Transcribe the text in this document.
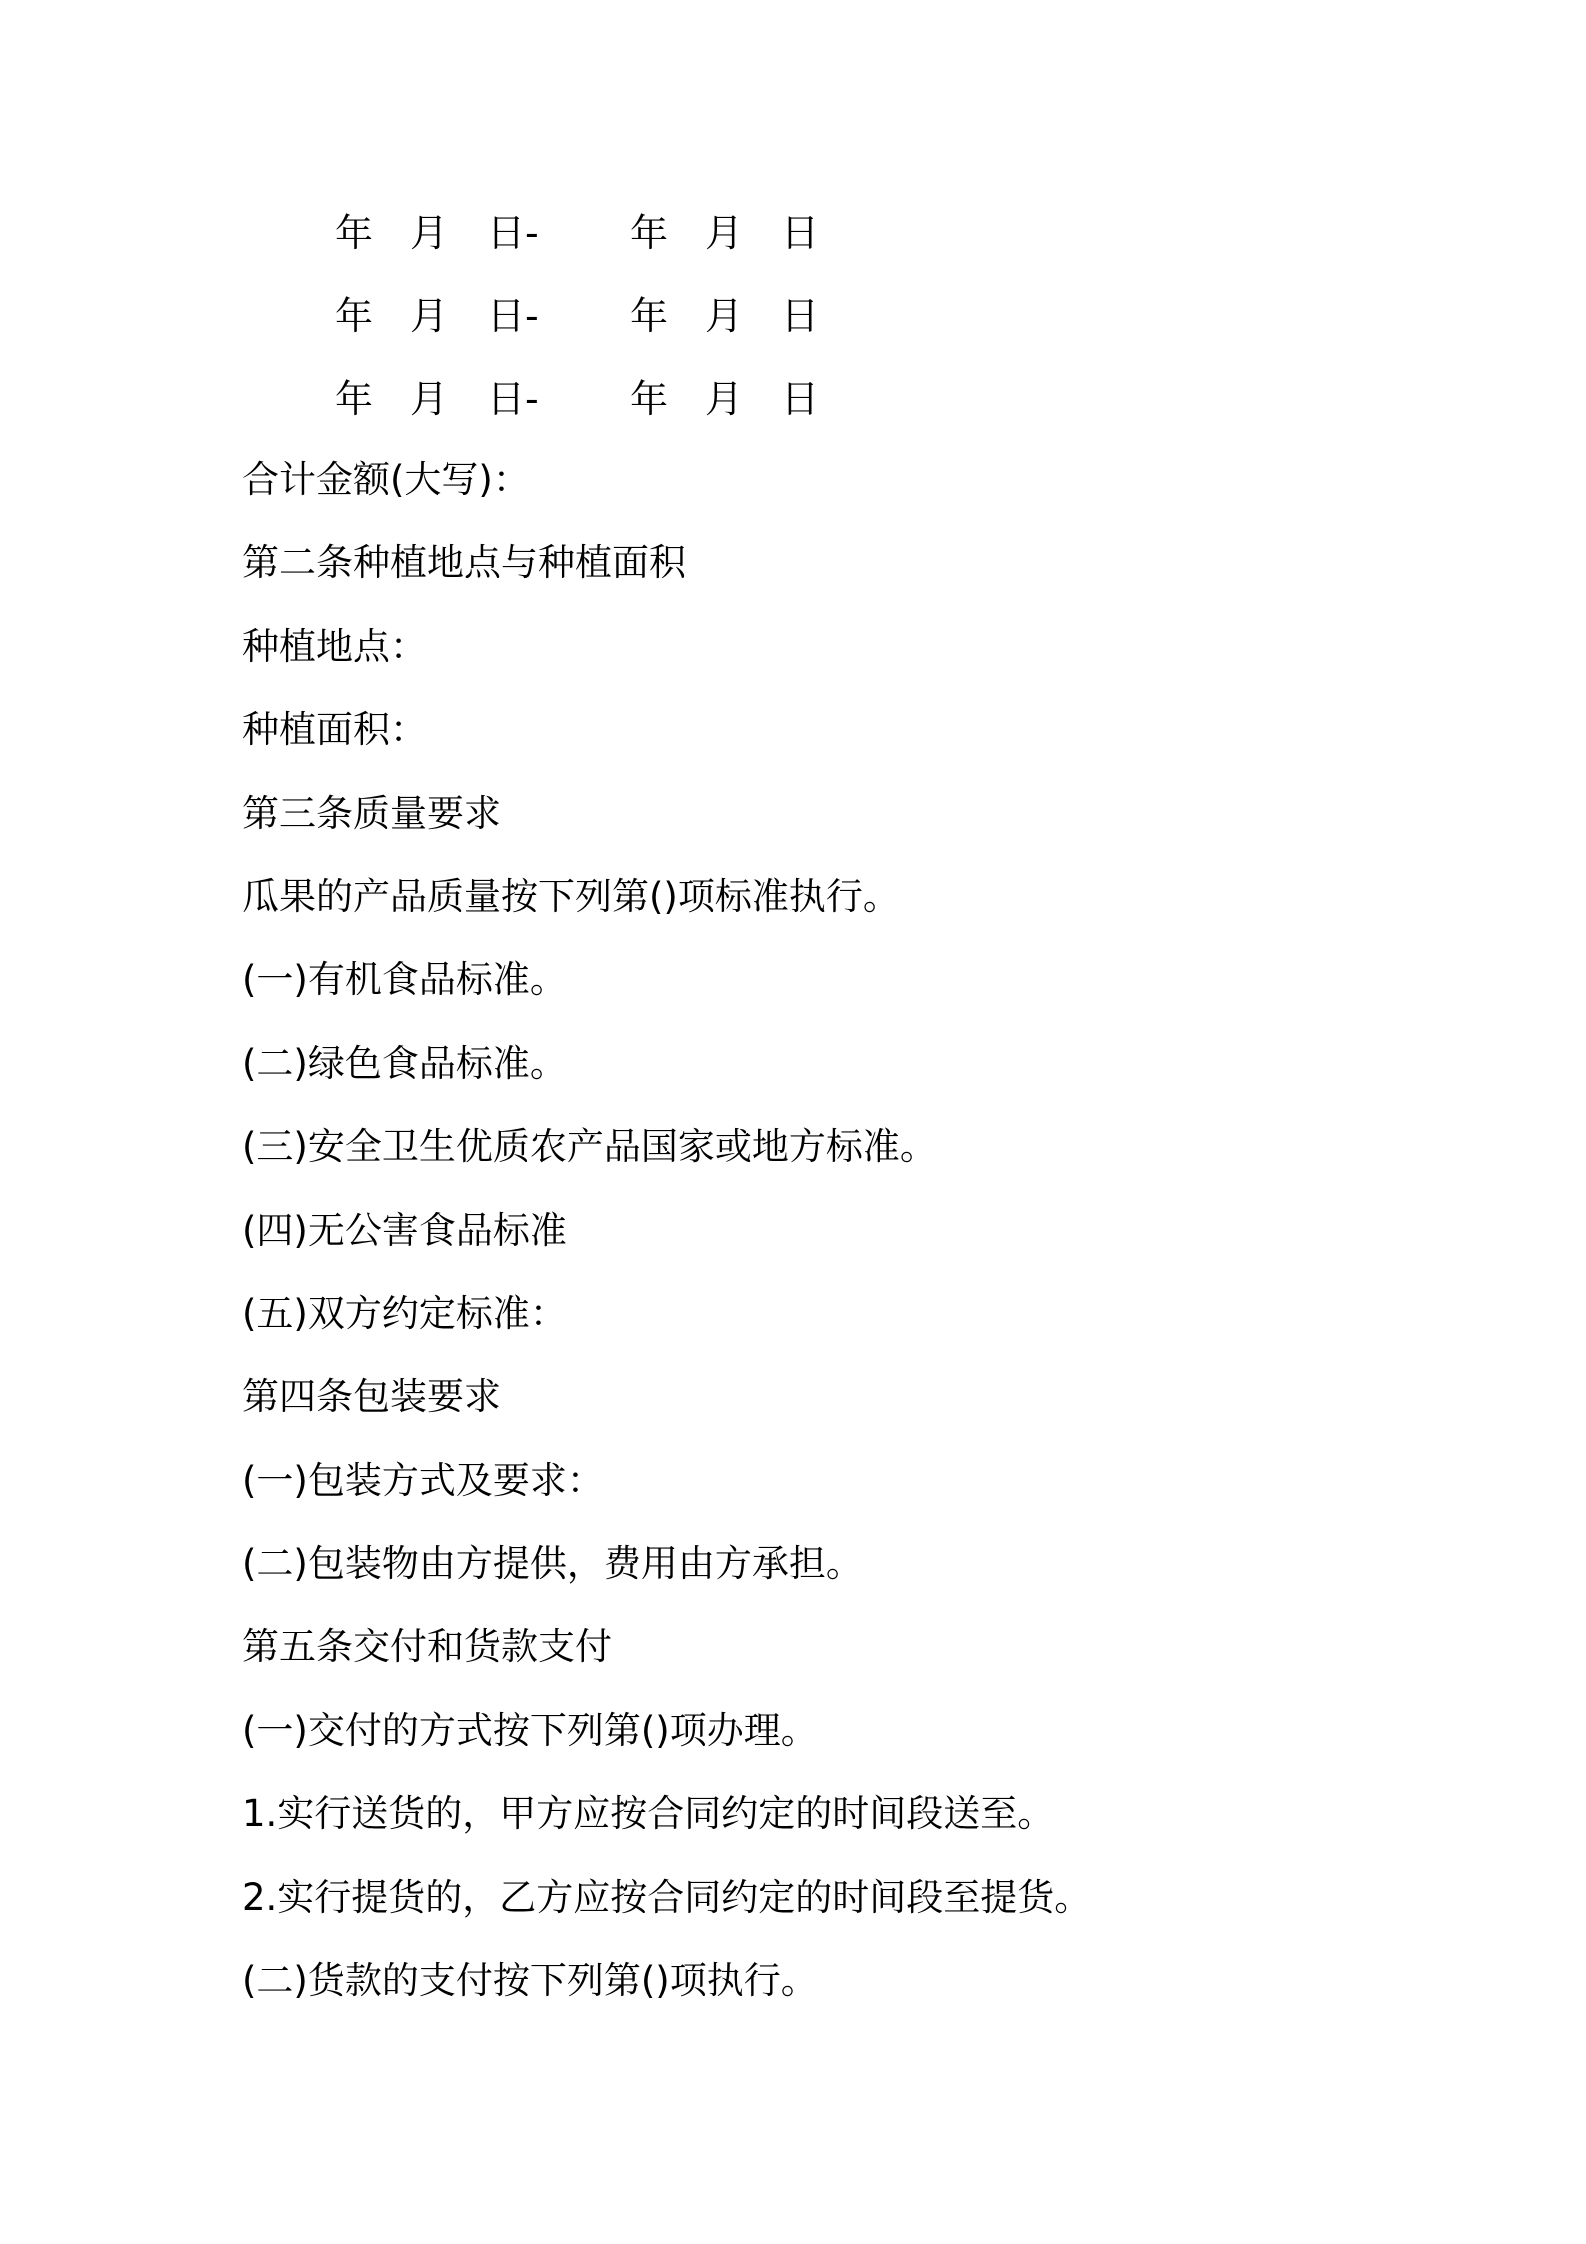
年

月

日-

年

月

日

年

月

日-

年

月

日

年

月

日-

年

月

日

合计金额(大写)：
第二条种植地点与种植面积
种植地点：
种植面积：
第三条质量要求
瓜果的产品质量按下列第()项标准执行。
(一)有机食品标准。
(二)绿色食品标准。
(三)安全卫生优质农产品国家或地方标准。
(四)无公害食品标准
(五)双方约定标准：
第四条包装要求
(一)包装方式及要求：
(二)包装物由方提供，费用由方承担。
第五条交付和货款支付
(一)交付的方式按下列第()项办理。
1.实行送货的，甲方应按合同约定的时间段送至。
2.实行提货的，乙方应按合同约定的时间段至提货。
(二)货款的支付按下列第()项执行。
